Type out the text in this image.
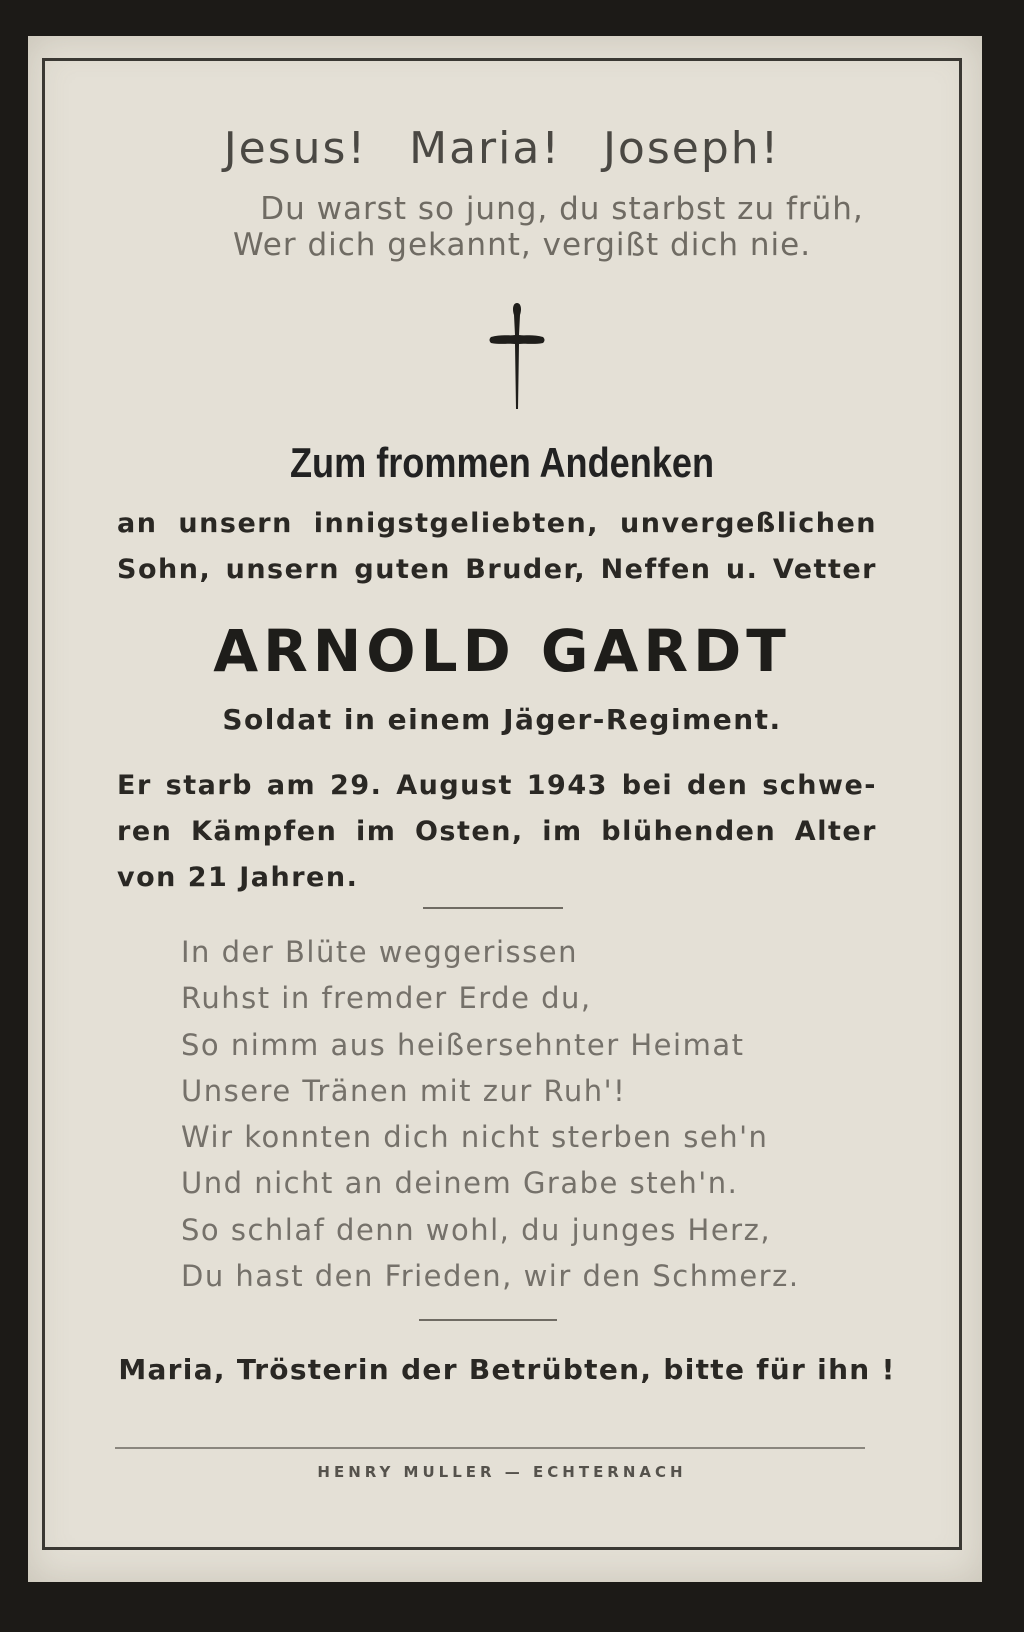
Jesus! Maria! Joseph!
Du warst so jung, du starbst zu früh,
Wer dich gekannt, vergißt dich nie.
Zum frommen Andenken
an unsern innigstgeliebten, unvergeßlichen
Sohn, unsern guten Bruder, Neffen u. Vetter
ARNOLD GARDT
Soldat in einem Jäger-Regiment.
Er starb am 29. August 1943 bei den schwe-
ren Kämpfen im Osten, im blühenden Alter
von 21 Jahren.
In der Blüte weggerissen
Ruhst in fremder Erde du,
So nimm aus heißersehnter Heimat
Unsere Tränen mit zur Ruh'!
Wir konnten dich nicht sterben seh'n
Und nicht an deinem Grabe steh'n.
So schlaf denn wohl, du junges Herz,
Du hast den Frieden, wir den Schmerz.
Maria, Trösterin der Betrübten, bitte für ihn !
HENRY MULLER — ECHTERNACH
